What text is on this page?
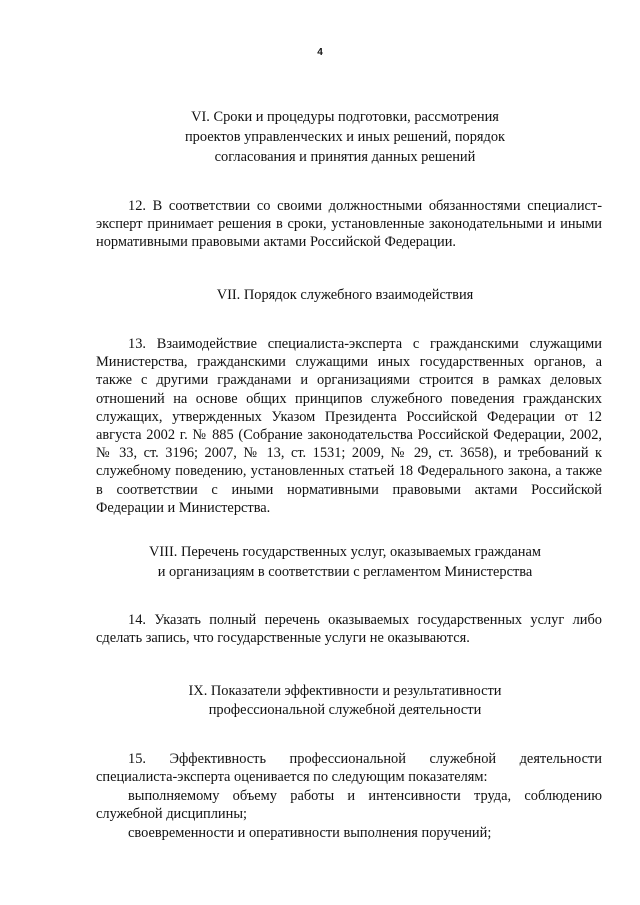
4
VI. Сроки и процедуры подготовки, рассмотрения
проектов управленческих и иных решений, порядок
согласования и принятия данных решений
12. В соответствии со своими должностными обязанностями специалист-эксперт принимает решения в сроки, установленные законодательными и иными нормативными правовыми актами Российской Федерации.
VII. Порядок служебного взаимодействия
13. Взаимодействие специалиста-эксперта с гражданскими служащими Министерства, гражданскими служащими иных государственных органов, а также с другими гражданами и организациями строится в рамках деловых отношений на основе общих принципов служебного поведения гражданских служащих, утвержденных Указом Президента Российской Федерации от 12 августа 2002 г. № 885 (Собрание законодательства Российской Федерации, 2002, № 33, ст. 3196; 2007, № 13, ст. 1531; 2009, № 29, ст. 3658), и требований к служебному поведению, установленных статьей 18 Федерального закона, а также в соответствии с иными нормативными правовыми актами Российской Федерации и Министерства.
VIII. Перечень государственных услуг, оказываемых гражданам
и организациям в соответствии с регламентом Министерства
14. Указать полный перечень оказываемых государственных услуг либо сделать запись, что государственные услуги не оказываются.
IX. Показатели эффективности и результативности
профессиональной служебной деятельности
15. Эффективность профессиональной служебной деятельности
специалиста-эксперта оценивается по следующим показателям:
выполняемому объему работы и интенсивности труда, соблюдению
служебной дисциплины;
своевременности и оперативности выполнения поручений;
